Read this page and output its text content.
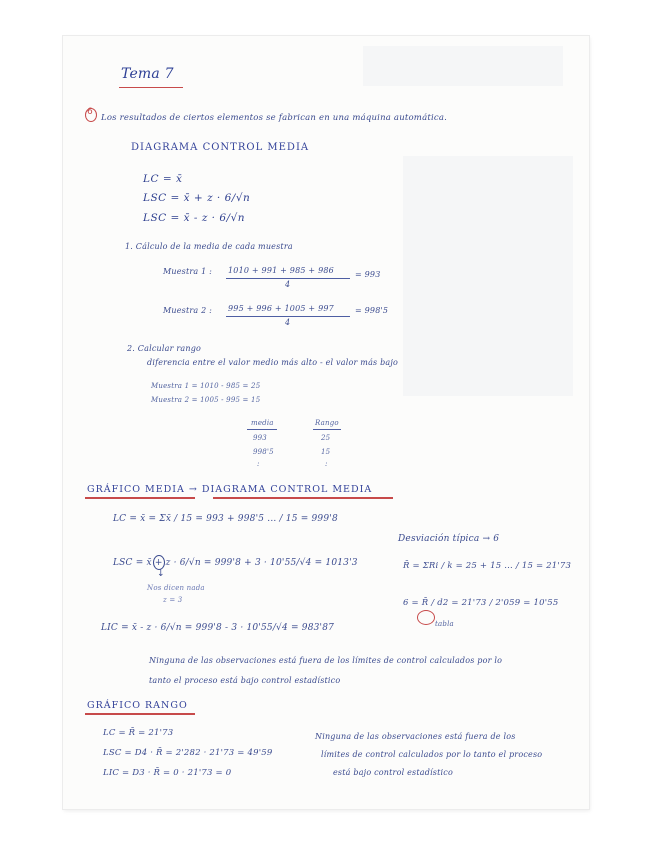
Tema 7
6
Los resultados de ciertos elementos se fabrican en una máquina automática.
DIAGRAMA CONTROL MEDIA
LC = x̄
LSC = x̄ + z · 6/√n
LSC = x̄ - z · 6/√n
1. Cálculo de la media de cada muestra
Muestra 1 : 1010 + 991 + 985 + 986
4
= 993
Muestra 2 : 995 + 996 + 1005 + 997
4
= 998'5
2. Calcular rango
diferencia entre el valor medio más alto - el valor más bajo
Muestra 1 = 1010 - 985 = 25
Muestra 2 = 1005 - 995 = 15
media	Rango
993	25
998'5	15
:	:
GRÁFICO MEDIA → DIAGRAMA CONTROL MEDIA
LC = x̄ = Σx̄ / 15 = 993 + 998'5 ... / 15 = 999'8
LSC = x̄ + z · 6/√n = 999'8 + 3 · 10'55/√4 = 1013'3
↓
Nos dicen nada
z = 3
LIC = x̄ - z · 6/√n = 999'8 - 3 · 10'55/√4 = 983'87
Ninguna de las observaciones está fuera de los límites de control calculados por lo
tanto el proceso está bajo control estadístico
Desviación típica → 6
R̄ = ΣRi / k = 25 + 15 ... / 15 = 21'73
6 = R̄ / d2 = 21'73 / 2'059 = 10'55
tabla
GRÁFICO RANGO
LC = R̄ = 21'73
LSC = D4 · R̄ = 2'282 · 21'73 = 49'59
LIC = D3 · R̄ = 0 · 21'73 = 0
Ninguna de las observaciones está fuera de los
límites de control calculados por lo tanto el proceso
está bajo control estadístico
